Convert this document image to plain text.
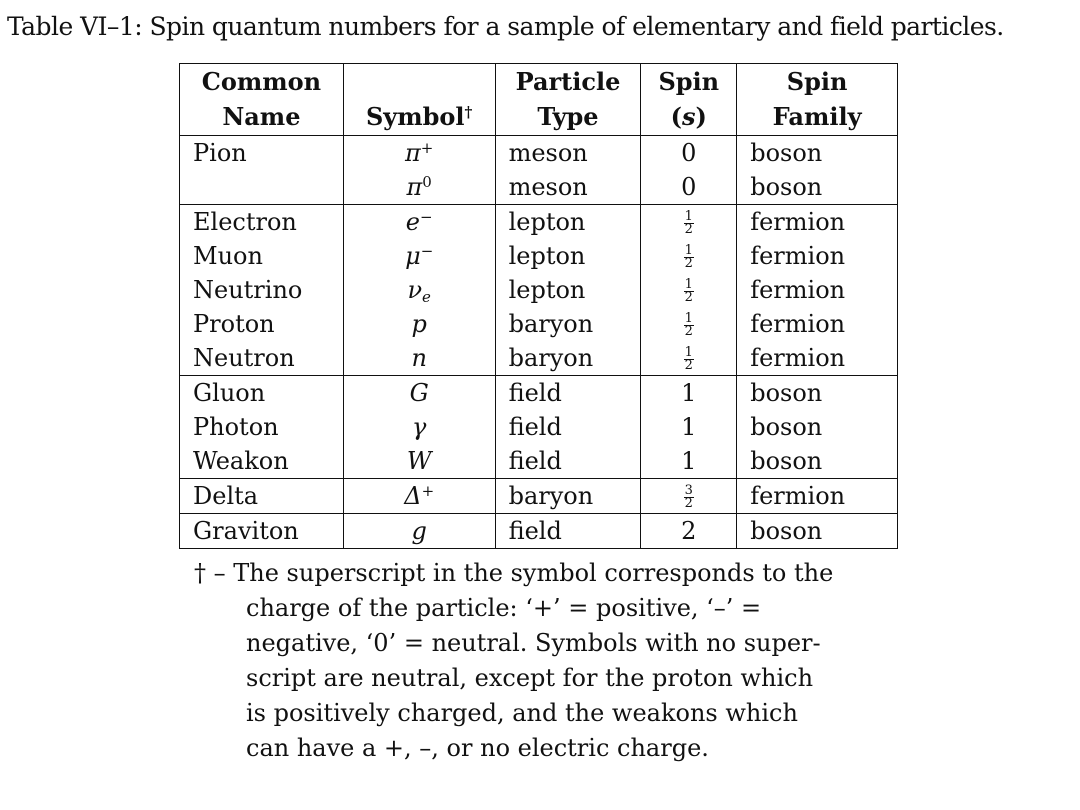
Table VI–1: Spin quantum numbers for a sample of elementary and field particles.
Common		Particle	Spin	Spin
Name	Symbol†	Type	(s)	Family
Pion	π+	meson	0	boson
	$\pi^0$	meson	0	boson
Electron	e−	lepton	$\frac{1}{2}$	fermion
Muon	μ−	lepton	$\frac{1}{2}$	fermion
Neutrino	$\nu_e$	lepton	$\frac{1}{2}$	fermion
Proton	p	baryon	$\frac{1}{2}$	fermion
Neutron	n	baryon	$\frac{1}{2}$	fermion
Gluon	G	field	1	boson
Photon	γ	field	1	boson
Weakon	W	field	1	boson
Delta	Δ+	baryon	$\frac{3}{2}$	fermion
Graviton	g	field	2	boson
† – The superscript in the symbol corresponds to the
charge of the particle: ‘+’ = positive, ‘–’ =
negative, ‘0’ = neutral. Symbols with no super-
script are neutral, except for the proton which
is positively charged, and the weakons which
can have a +, –, or no electric charge.
